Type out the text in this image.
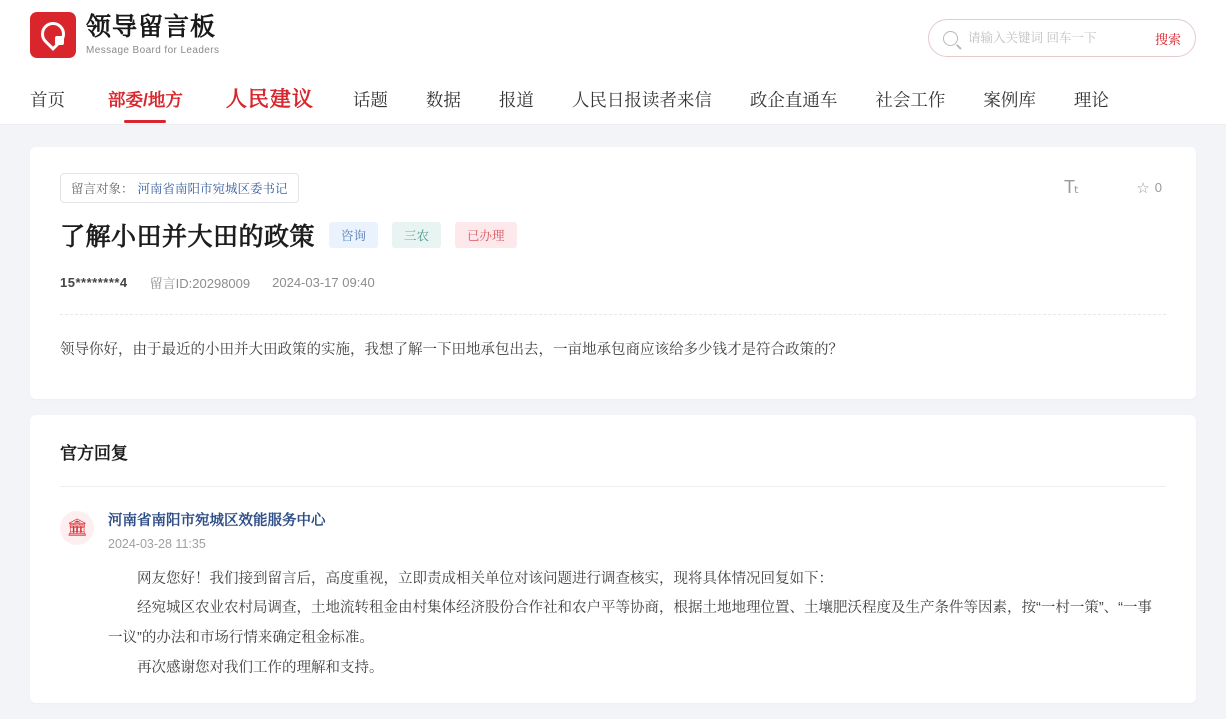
领导留言板
Message Board for Leaders
请输入关键词 回车一下
搜索
首页	部委/地方	人民建议	话题	数据	报道	人民日报读者来信	政企直通车	社会工作	案例库	理论
Tₜ	☆ 0
留言对象： 河南省南阳市宛城区委书记
了解小田并大田的政策	咨询	三农	已办理
15********4 留言ID:20298009 2024-03-17 09:40
领导你好，由于最近的小田并大田政策的实施，我想了解一下田地承包出去，一亩地承包商应该给多少钱才是符合政策的？
官方回复
🏛	河南省南阳市宛城区效能服务中心
2024-03-28 11:35

网友您好！我们接到留言后，高度重视，立即责成相关单位对该问题进行调查核实，现将具体情况回复如下：

经宛城区农业农村局调查，土地流转租金由村集体经济股份合作社和农户平等协商，根据土地地理位置、土壤肥沃程度及生产条件等因素，按“一村一策”、“一事一议”的办法和市场行情来确定租金标准。

再次感谢您对我们工作的理解和支持。
